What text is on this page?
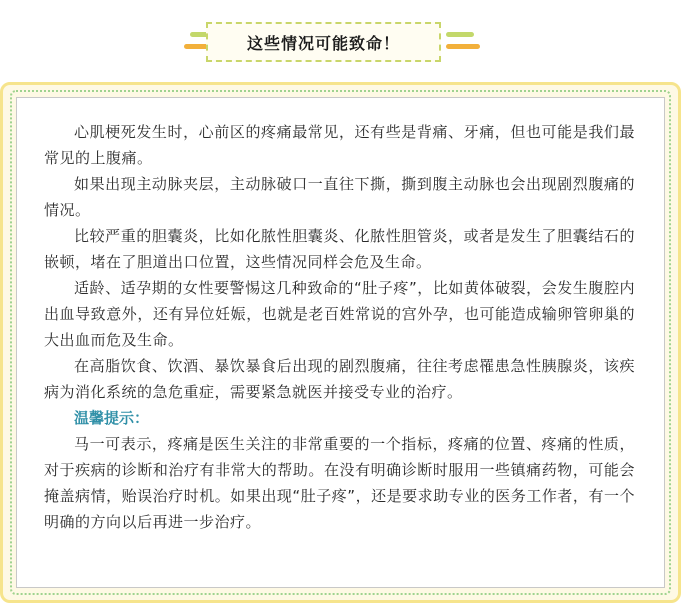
这些情况可能致命！

心肌梗死发生时，心前区的疼痛最常见，还有些是背痛、牙痛，但也可能是我们最常见的上腹痛。

如果出现主动脉夹层，主动脉破口一直往下撕，撕到腹主动脉也会出现剧烈腹痛的情况。

比较严重的胆囊炎，比如化脓性胆囊炎、化脓性胆管炎，或者是发生了胆囊结石的嵌顿，堵在了胆道出口位置，这些情况同样会危及生命。

适龄、适孕期的女性要警惕这几种致命的“肚子疼”，比如黄体破裂，会发生腹腔内出血导致意外，还有异位妊娠，也就是老百姓常说的宫外孕，也可能造成输卵管卵巢的大出血而危及生命。

在高脂饮食、饮酒、暴饮暴食后出现的剧烈腹痛，往往考虑罹患急性胰腺炎，该疾病为消化系统的急危重症，需要紧急就医并接受专业的治疗。

温馨提示：

马一可表示，疼痛是医生关注的非常重要的一个指标，疼痛的位置、疼痛的性质，对于疾病的诊断和治疗有非常大的帮助。在没有明确诊断时服用一些镇痛药物，可能会掩盖病情，贻误治疗时机。如果出现“肚子疼”，还是要求助专业的医务工作者，有一个明确的方向以后再进一步治疗。
